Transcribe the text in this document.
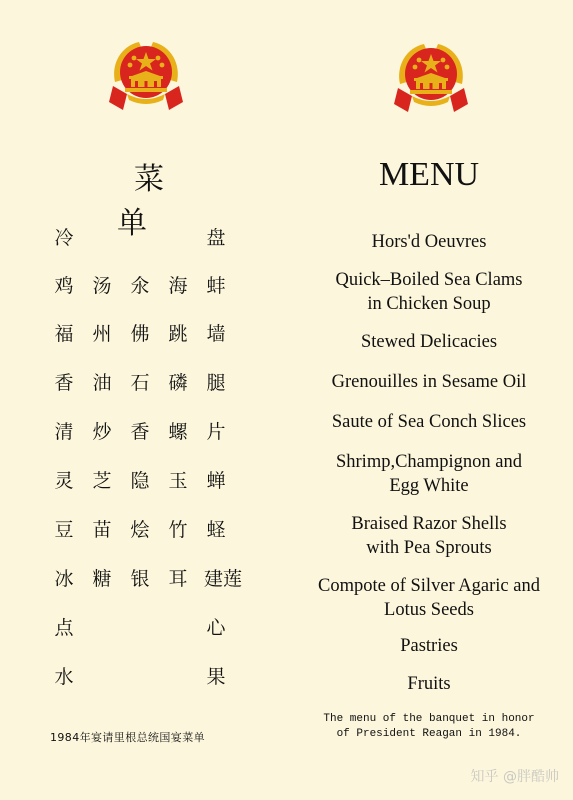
菜 单
MENU
冷	盘
鸡 汤 氽 海 蚌
福 州 佛 跳 墙
香 油 石 磷 腿
清 炒 香 螺 片
灵 芝 隐 玉 蝉
豆 苗 烩 竹 蛏
冰 糖 银 耳 建莲
点	心
水	果
Hors'd Oeuvres
Quick–Boiled Sea Clams
in Chicken Soup
Stewed Delicacies
Grenouilles in Sesame Oil
Saute of Sea Conch Slices
Shrimp,Champignon and
Egg White
Braised Razor Shells
with Pea Sprouts
Compote of Silver Agaric and
Lotus Seeds
Pastries
Fruits
1984年宴请里根总统国宴菜单
The menu of the banquet in honor
of President Reagan in 1984.
知乎 @胖酷帅
